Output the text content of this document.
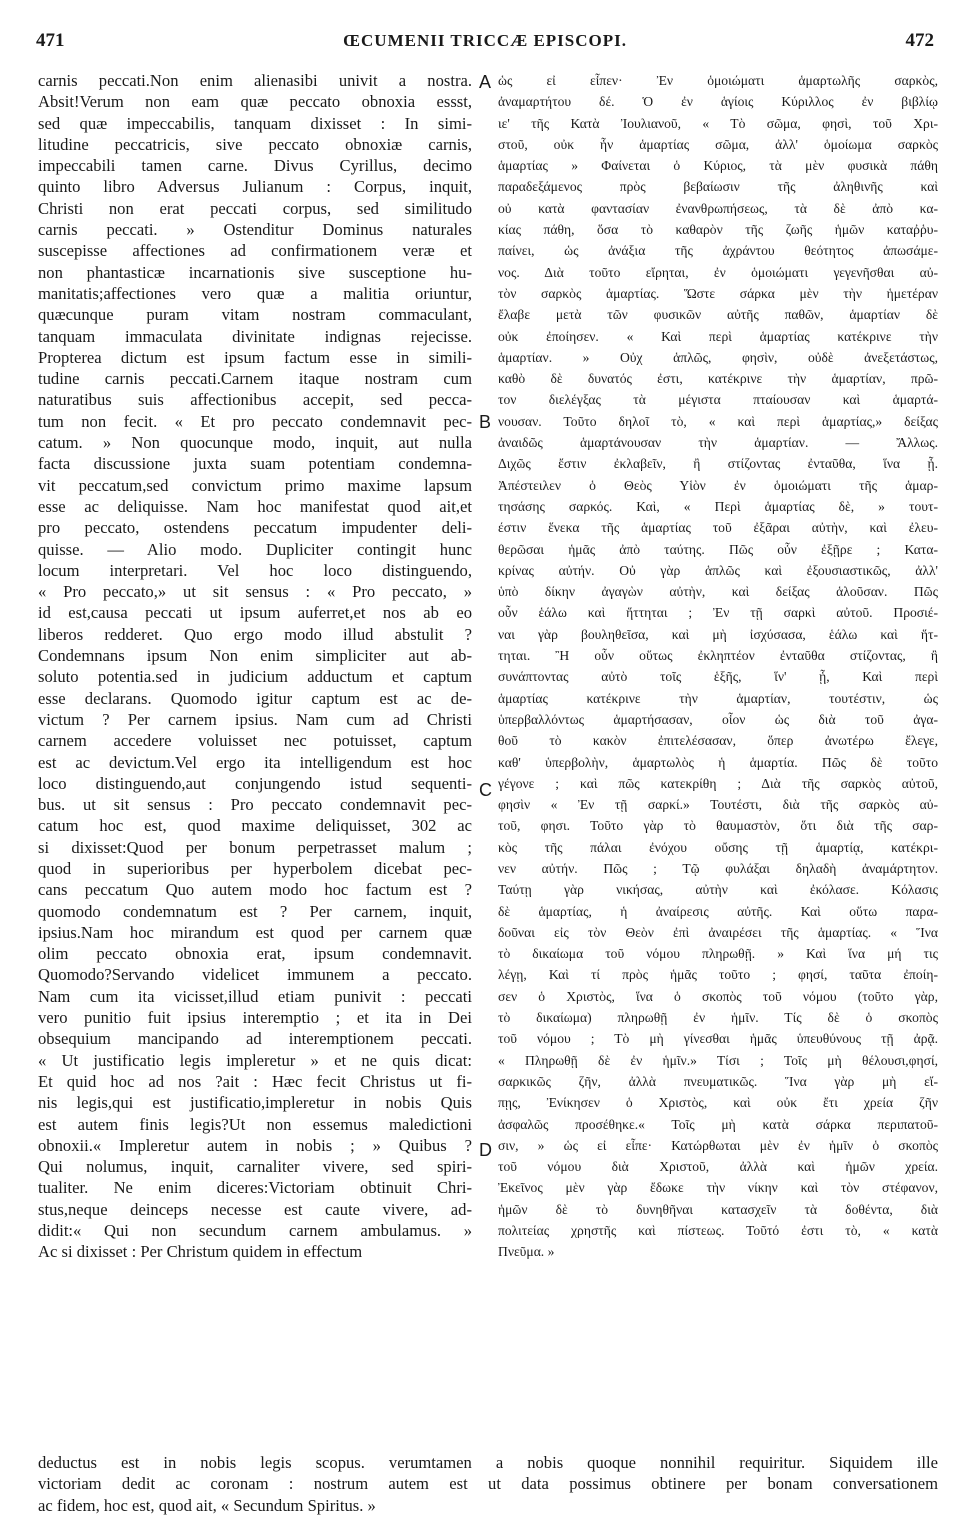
471	ŒCUMENII TRICCÆ EPISCOPI.	472
carnis peccati.Non enim alienasibi univit a nostra.
Absit!Verum non eam quæ peccato obnoxia essst,
sed quæ impeccabilis, tanquam dixisset : In simi-
litudine peccatricis, sive peccato obnoxiæ carnis,
impeccabili tamen carne. Divus Cyrillus, decimo
quinto libro Adversus Julianum : Corpus, inquit,
Christi non erat peccati corpus, sed similitudo
carnis peccati. » Ostenditur Dominus naturales
suscepisse affectiones ad confirmationem veræ et
non phantasticæ incarnationis sive susceptione hu-
manitatis;affectiones vero quæ a malitia oriuntur,
quæcunque puram vitam nostram commaculant,
tanquam immaculata divinitate indignas rejecisse.
Propterea dictum est ipsum factum esse in simili-
tudine carnis peccati.Carnem itaque nostram cum
naturatibus suis affectionibus accepit, sed pecca-
tum non fecit. « Et pro peccato condemnavit pec-
catum. » Non quocunque modo, inquit, aut nulla
facta discussione juxta suam potentiam condemna-
vit peccatum,sed convictum primo maxime lapsum
esse ac deliquisse. Nam hoc manifestat quod ait,et
pro peccato, ostendens peccatum impudenter deli-
quisse. — Alio modo. Dupliciter contingit hunc
locum interpretari. Vel hoc loco distinguendo,
« Pro peccato,» ut sit sensus : « Pro peccato, »
id est,causa peccati ut ipsum auferret,et nos ab eo
liberos redderet. Quo ergo modo illud abstulit ?
Condemnans ipsum Non enim simpliciter aut ab-
soluto potentia.sed in judicium adductum et captum
esse declarans. Quomodo igitur captum est ac de-
victum ? Per carnem ipsius. Nam cum ad Christi
carnem accedere voluisset nec potuisset, captum
est ac devictum.Vel ergo ita intelligendum est hoc
loco distinguendo,aut conjungendo istud sequenti-
bus. ut sit sensus : Pro peccato condemnavit pec-
catum hoc est, quod maxime deliquisset, 302 ac
si dixisset:Quod per bonum perpetrasset malum ;
quod in superioribus per hyperbolem dicebat pec-
cans peccatum Quo autem modo hoc factum est ?
quomodo condemnatum est ? Per carnem, inquit,
ipsius.Nam hoc mirandum est quod per carnem quæ
olim peccato obnoxia erat, ipsum condemnavit.
Quomodo?Servando videlicet immunem a peccato.
Nam cum ita vicisset,illud etiam punivit : peccati
vero punitio fuit ipsius interemptio ; et ita in Dei
obsequium mancipando ad interemptionem peccati.
« Ut justificatio legis impleretur » et ne quis dicat:
Et quid hoc ad nos ?ait : Hæc fecit Christus ut fi-
nis legis,qui est justificatio,impleretur in nobis Quis
est autem finis legis?Ut non essemus maledictioni
obnoxii.« Impleretur autem in nobis ; » Quibus ?
Qui nolumus, inquit, carnaliter vivere, sed spiri-
tualiter. Ne enim diceres:Victoriam obtinuit Chri-
stus,neque deinceps necesse est caute vivere, ad-
didit:« Qui non secundum carnem ambulamus. »
Ac si dixisset : Per Christum quidem in effectum
ὡς εἰ εἶπεν· Ἐν ὁμοιώματι ἁμαρτωλῆς σαρκὸς,
ἀναμαρτήτου δέ. Ὁ ἐν ἁγίοις Κύριλλος ἐν βιβλίῳ
ιε' τῆς Κατὰ Ἰουλιανοῦ, « Τὸ σῶμα, φησὶ, τοῦ Χρι-
στοῦ, οὐκ ἦν ἁμαρτίας σῶμα, ἀλλ' ὁμοίωμα σαρκὸς
ἁμαρτίας » Φαίνεται ὁ Κύριος, τὰ μὲν φυσικὰ πάθη
παραδεξάμενος πρὸς βεβαίωσιν τῆς ἀληθινῆς καὶ
οὐ κατὰ φαντασίαν ἐνανθρωπήσεως, τὰ δὲ ἀπὸ κα-
κίας πάθη, ὅσα τὸ καθαρὸν τῆς ζωῆς ἡμῶν καταῤῥυ-
παίνει, ὡς ἀνάξια τῆς ἀχράντου θεότητος ἀπωσάμε-
νος. Διὰ τοῦτο εἴρηται, ἐν ὁμοιώματι γεγενῆσθαι αὐ-
τὸν σαρκὸς ἁμαρτίας. Ὥστε σάρκα μὲν τὴν ἡμετέραν
ἔλαβε μετὰ τῶν φυσικῶν αὐτῆς παθῶν, ἁμαρτίαν δὲ
οὐκ ἐποίησεν. « Καὶ περὶ ἁμαρτίας κατέκρινε τὴν
ἁμαρτίαν. » Οὐχ ἁπλῶς, φησὶν, οὐδὲ ἀνεξετάστως,
καθὸ δὲ δυνατός ἐστι, κατέκρινε τὴν ἁμαρτίαν, πρῶ-
τον διελέγξας τὰ μέγιστα πταίουσαν καὶ ἁμαρτά-
νουσαν. Τοῦτο δηλοῖ τὸ, « καὶ περὶ ἁμαρτίας,» δείξας
ἀναιδῶς ἁμαρτάνουσαν τὴν ἁμαρτίαν. — Ἄλλως.
Διχῶς ἔστιν ἐκλαβεῖν, ἢ στίζοντας ἐνταῦθα, ἵνα ᾖ.
Ἀπέστειλεν ὁ Θεὸς Υἱὸν ἐν ὁμοιώματι τῆς ἁμαρ-
τησάσης σαρκός. Καὶ, « Περὶ ἁμαρτίας δὲ, » τουτ-
έστιν ἕνεκα τῆς ἁμαρτίας τοῦ ἐξᾶραι αὐτὴν, καὶ ἐλευ-
θερῶσαι ἡμᾶς ἀπὸ ταύτης. Πῶς οὖν ἐξῇρε ; Κατα-
κρίνας αὐτήν. Οὐ γὰρ ἁπλῶς καὶ ἐξουσιαστικῶς, ἀλλ'
ὑπὸ δίκην ἀγαγὼν αὐτὴν, καὶ δείξας ἁλοῦσαν. Πῶς
οὖν ἑάλω καὶ ἥττηται ; Ἐν τῇ σαρκὶ αὐτοῦ. Προσιέ-
ναι γὰρ βουληθεῖσα, καὶ μὴ ἰσχύσασα, ἑάλω καὶ ἥτ-
τηται. Ἢ οὖν οὕτως ἐκληπτέον ἐνταῦθα στίζοντας, ἢ
συνάπτοντας αὐτὸ τοῖς ἑξῆς, ἵν' ᾖ, Καὶ περὶ
ἁμαρτίας κατέκρινε τὴν ἁμαρτίαν, τουτέστιν, ὡς
ὑπερβαλλόντως ἁμαρτήσασαν, οἷον ὡς διὰ τοῦ ἀγα-
θοῦ τὸ κακὸν ἐπιτελέσασαν, ὅπερ ἀνωτέρω ἔλεγε,
καθ' ὑπερβολὴν, ἁμαρτωλὸς ἡ ἁμαρτία. Πῶς δὲ τοῦτο
γέγονε ; καὶ πῶς κατεκρίθη ; Διὰ τῆς σαρκὸς αὐτοῦ,
φησὶν « Ἐν τῇ σαρκί.» Τουτέστι, διὰ τῆς σαρκὸς αὐ-
τοῦ, φησι. Τοῦτο γὰρ τὸ θαυμαστὸν, ὅτι διὰ τῆς σαρ-
κὸς τῆς πάλαι ἐνόχου οὔσης τῇ ἁμαρτίᾳ, κατέκρι-
νεν αὐτήν. Πῶς ; Τῷ φυλάξαι δηλαδὴ ἀναμάρτητον.
Ταύτῃ γὰρ νικήσας, αὐτὴν καὶ ἐκόλασε. Κόλασις
δὲ ἁμαρτίας, ἡ ἀναίρεσις αὐτῆς. Καὶ οὕτω παρα-
δοῦναι εἰς τὸν Θεὸν ἐπὶ ἀναιρέσει τῆς ἁμαρτίας. « Ἵνα
τὸ δικαίωμα τοῦ νόμου πληρωθῇ. » Καὶ ἵνα μή τις
λέγῃ, Καὶ τί πρὸς ἡμᾶς τοῦτο ; φησί, ταῦτα ἐποίη-
σεν ὁ Χριστὸς, ἵνα ὁ σκοπὸς τοῦ νόμου (τοῦτο γὰρ,
τὸ δικαίωμα) πληρωθῇ ἐν ἡμῖν. Τίς δὲ ὁ σκοπὸς
τοῦ νόμου ; Τὸ μὴ γίνεσθαι ἡμᾶς ὑπευθύνους τῇ ἀρᾷ.
« Πληρωθῇ δὲ ἐν ἡμῖν.» Τίσι ; Τοῖς μὴ θέλουσι,φησί,
σαρκικῶς ζῆν, ἀλλὰ πνευματικῶς. Ἵνα γὰρ μὴ εἴ-
πῃς, Ἐνίκησεν ὁ Χριστὸς, καὶ οὐκ ἔτι χρεία ζῆν
ἀσφαλῶς προσέθηκε.« Τοῖς μὴ κατὰ σάρκα περιπατοῦ-
σιν, » ὡς εἰ εἶπε· Κατώρθωται μὲν ἐν ἡμῖν ὁ σκοπὸς
τοῦ νόμου διὰ Χριστοῦ, ἀλλὰ καὶ ἡμῶν χρεία.
Ἐκεῖνος μὲν γὰρ ἔδωκε τὴν νίκην καὶ τὸν στέφανον,
ἡμῶν δὲ τὸ δυνηθῆναι κατασχεῖν τὰ δοθέντα, διὰ
πολιτείας χρηστῆς καὶ πίστεως. Τοῦτό ἐστι τὸ, « κατὰ
Πνεῦμα. »
A
B
C
D
deductus est in nobis legis scopus. verumtamen a nobis quoque nonnihil requiritur. Siquidem ille
victoriam dedit ac coronam : nostrum autem est ut data possimus obtinere per bonam conversationem
ac fidem, hoc est, quod ait, « Secundum Spiritus. »
